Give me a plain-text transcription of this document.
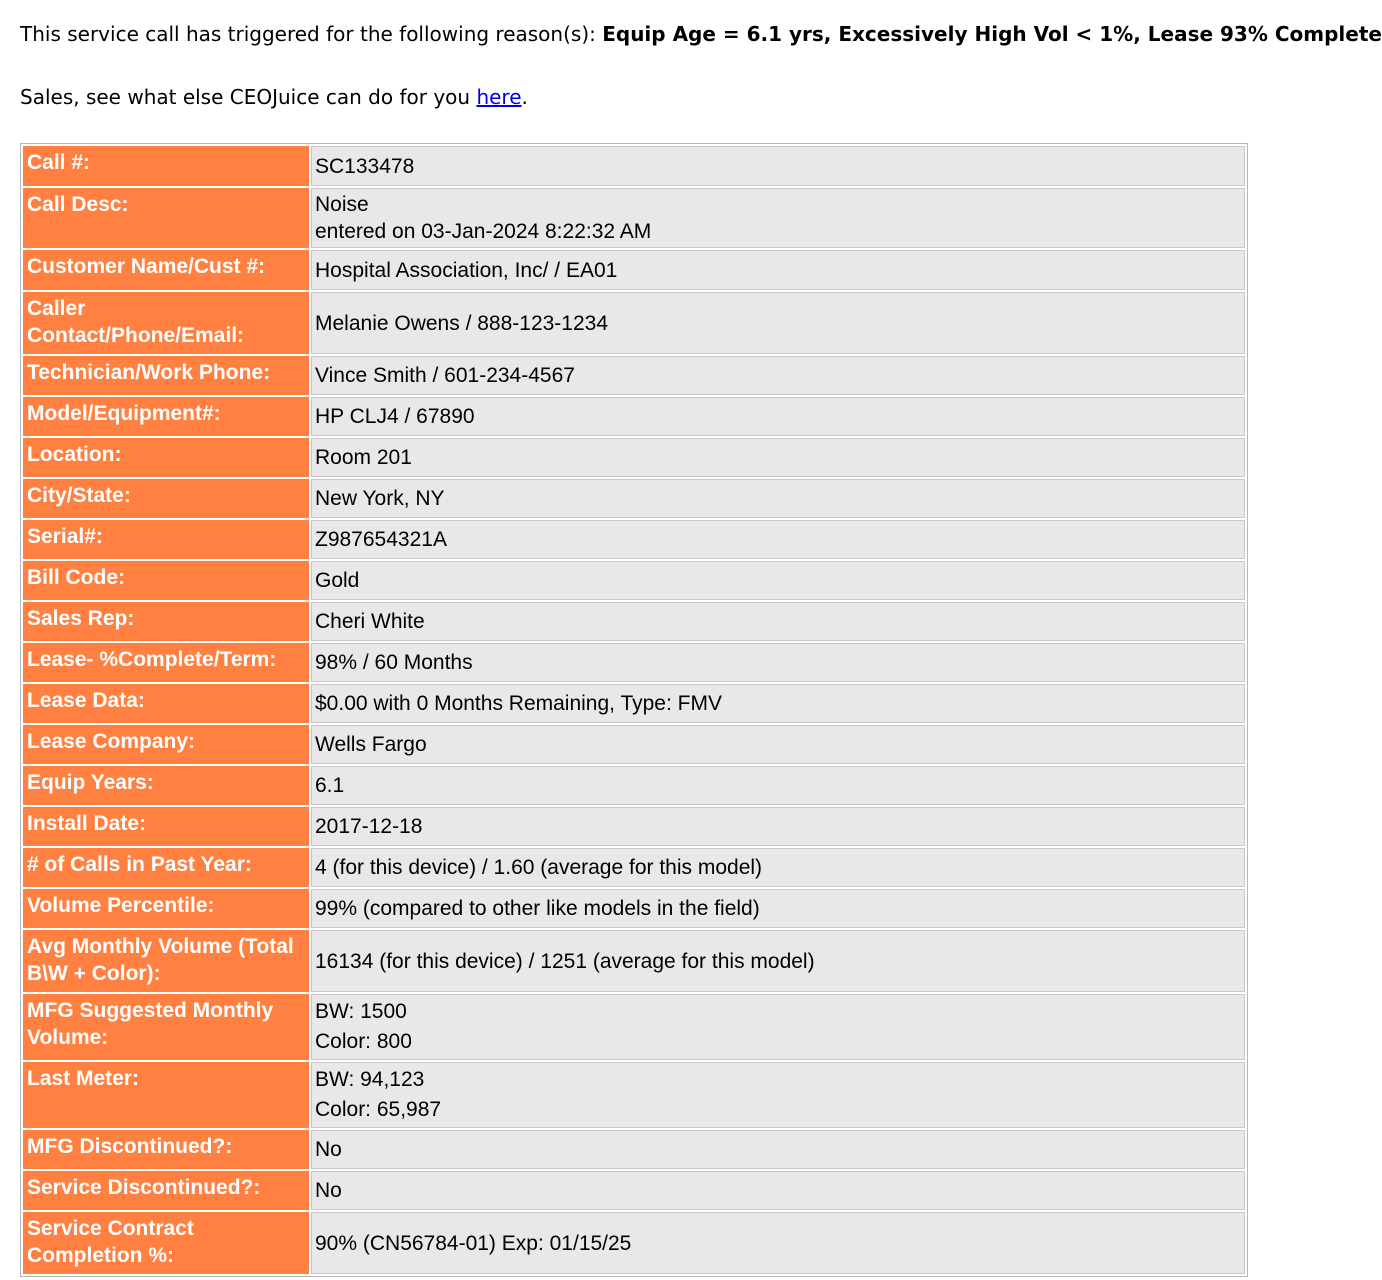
This service call has triggered for the following reason(s): Equip Age = 6.1 yrs, Excessively High Vol < 1%, Lease 93% Complete
Sales, see what else CEOJuice can do for you here.
Call #:	SC133478
Call Desc:	Noise
entered on 03-Jan-2024 8:22:32 AM

Customer Name/Cust #:	Hospital Association, Inc/ / EA01
Caller Contact/Phone/Email:	Melanie Owens / 888-123-1234
Technician/Work Phone:	Vince Smith / 601-234-4567
Model/Equipment#:	HP CLJ4 / 67890
Location:	Room 201
City/State:	New York, NY
Serial#:	Z987654321A
Bill Code:	Gold
Sales Rep:	Cheri White
Lease- %Complete/Term:	98% / 60 Months
Lease Data:	$0.00 with 0 Months Remaining, Type: FMV
Lease Company:	Wells Fargo
Equip Years:	6.1
Install Date:	2017-12-18
# of Calls in Past Year:	4 (for this device) / 1.60 (average for this model)
Volume Percentile:	99% (compared to other like models in the field)
Avg Monthly Volume (Total B\W + Color):	16134 (for this device) / 1251 (average for this model)
MFG Suggested Monthly Volume:	BW: 1500
Color: 800

Last Meter:	BW: 94,123
Color: 65,987

MFG Discontinued?:	No
Service Discontinued?:	No
Service Contract Completion %:	90% (CN56784-01) Exp: 01/15/25
